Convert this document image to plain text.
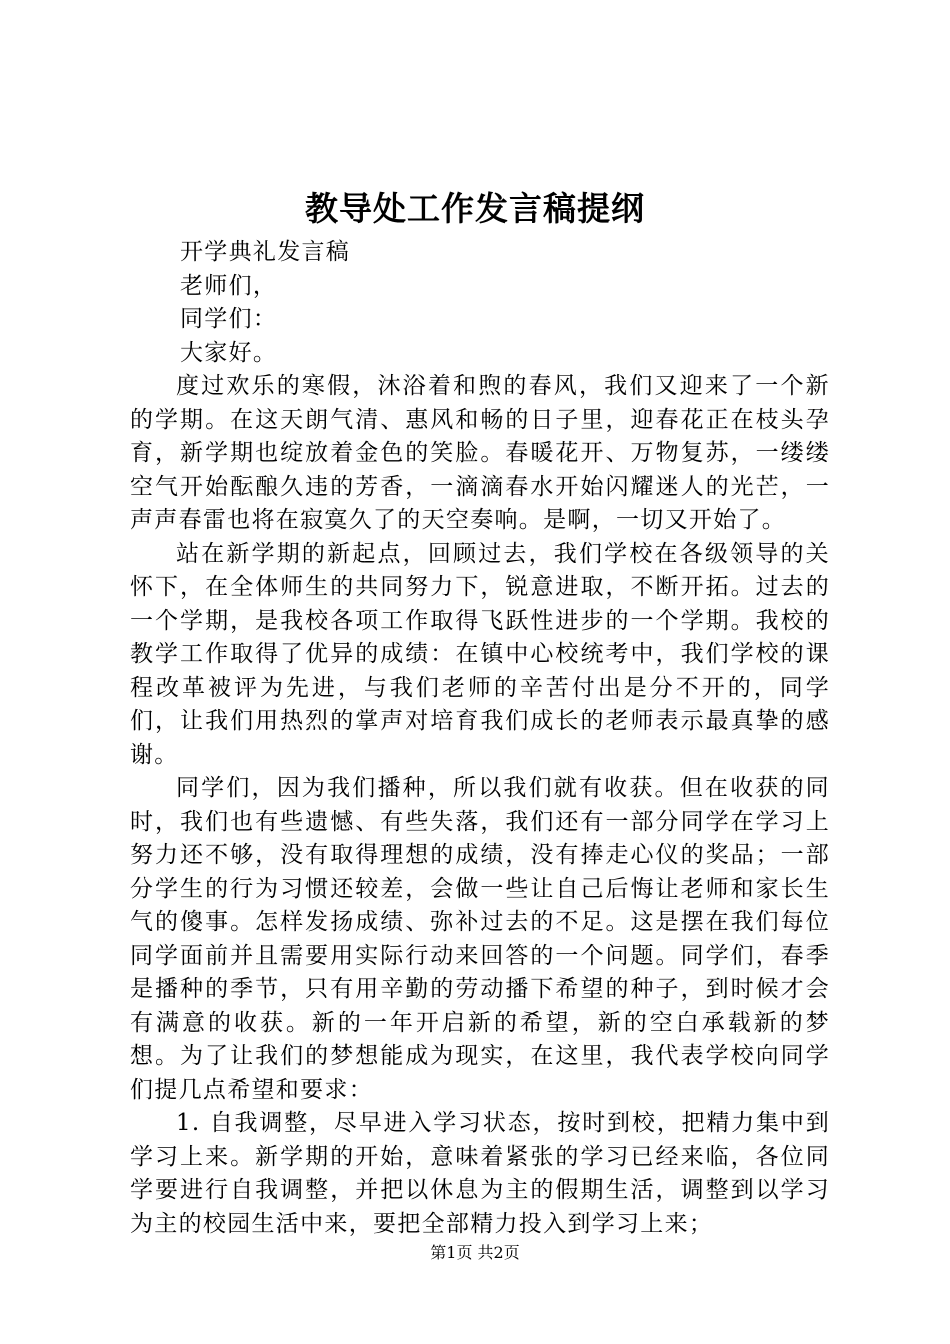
教导处工作发言稿提纲

开学典礼发言稿

老师们，

同学们：

大家好。

度过欢乐的寒假，沐浴着和煦的春风，我们又迎来了一个新的学期。在这天朗气清、惠风和畅的日子里，迎春花正在枝头孕育，新学期也绽放着金色的笑脸。春暖花开、万物复苏，一缕缕空气开始酝酿久违的芳香，一滴滴春水开始闪耀迷人的光芒，一声声春雷也将在寂寞久了的天空奏响。是啊，一切又开始了。

站在新学期的新起点，回顾过去，我们学校在各级领导的关怀下，在全体师生的共同努力下，锐意进取，不断开拓。过去的一个学期，是我校各项工作取得飞跃性进步的一个学期。我校的教学工作取得了优异的成绩：在镇中心校统考中，我们学校的课程改革被评为先进，与我们老师的辛苦付出是分不开的，同学们，让我们用热烈的掌声对培育我们成长的老师表示最真挚的感谢。

同学们，因为我们播种，所以我们就有收获。但在收获的同时，我们也有些遗憾、有些失落，我们还有一部分同学在学习上努力还不够，没有取得理想的成绩，没有捧走心仪的奖品；一部分学生的行为习惯还较差，会做一些让自己后悔让老师和家长生气的傻事。怎样发扬成绩、弥补过去的不足。这是摆在我们每位同学面前并且需要用实际行动来回答的一个问题。同学们，春季是播种的季节，只有用辛勤的劳动播下希望的种子，到时候才会有满意的收获。新的一年开启新的希望，新的空白承载新的梦想。为了让我们的梦想能成为现实，在这里，我代表学校向同学们提几点希望和要求：

1. 自我调整，尽早进入学习状态，按时到校，把精力集中到学习上来。新学期的开始，意味着紧张的学习已经来临，各位同学要进行自我调整，并把以休息为主的假期生活，调整到以学习为主的校园生活中来，要把全部精力投入到学习上来；

第1页 共2页
